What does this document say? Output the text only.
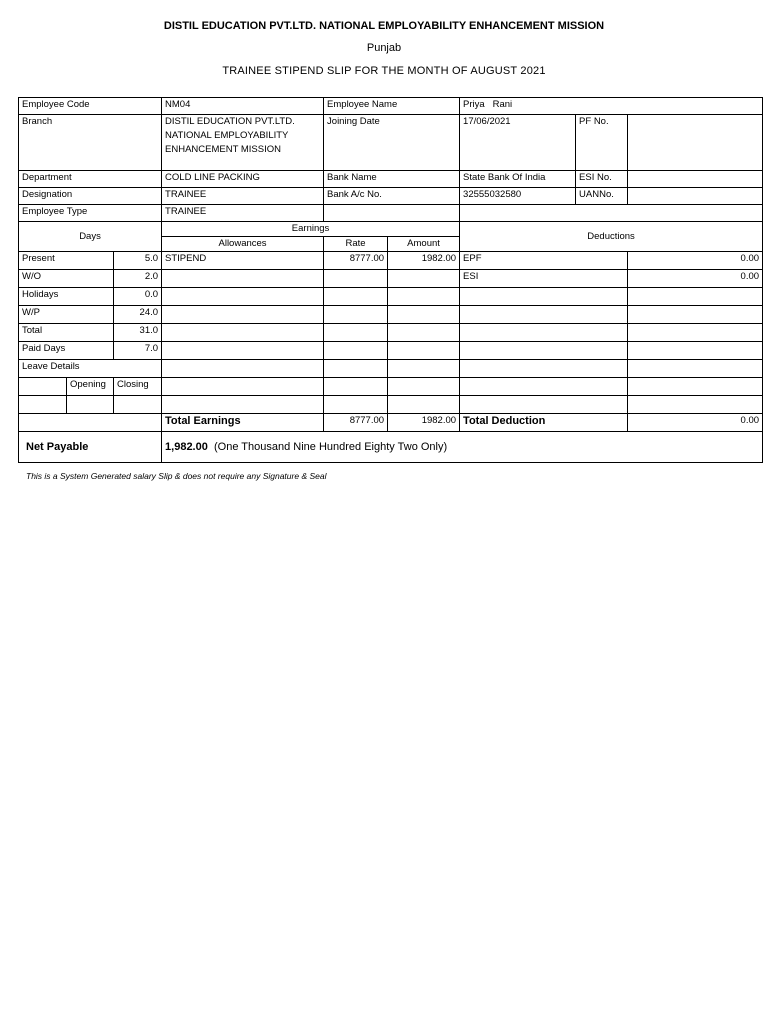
DISTIL EDUCATION PVT.LTD. NATIONAL EMPLOYABILITY ENHANCEMENT MISSION
Punjab
TRAINEE STIPEND SLIP FOR THE MONTH OF AUGUST 2021
Employee Code			NM04	Employee Name		Priya   Rani		
Branch			DISTIL EDUCATION PVT.LTD. NATIONAL EMPLOYABILITY ENHANCEMENT MISSION	Joining Date		17/06/2021	PF No.	
Department			COLD LINE PACKING	Bank Name		State Bank Of India	ESI No.	
Designation			TRAINEE	Bank A/c No.		32555032580	UANNo.	
Employee Type			TRAINEE					
Days			Earnings			Deductions		
			Allowances	Rate	Amount			
Present		5.0	STIPEND	8777.00	1982.00	EPF		0.00
W/O		2.0				ESI		0.00
Holidays		0.0						
W/P		24.0						
Total		31.0						
Paid Days		7.0						
Leave Details								
	Opening	Closing						

			Total Earnings	8777.00	1982.00	Total Deduction		0.00
Net Payable			1,982.00 (One Thousand Nine Hundred Eighty Two Only)					
This is a System Generated salary Slip & does not require any Signature & Seal
